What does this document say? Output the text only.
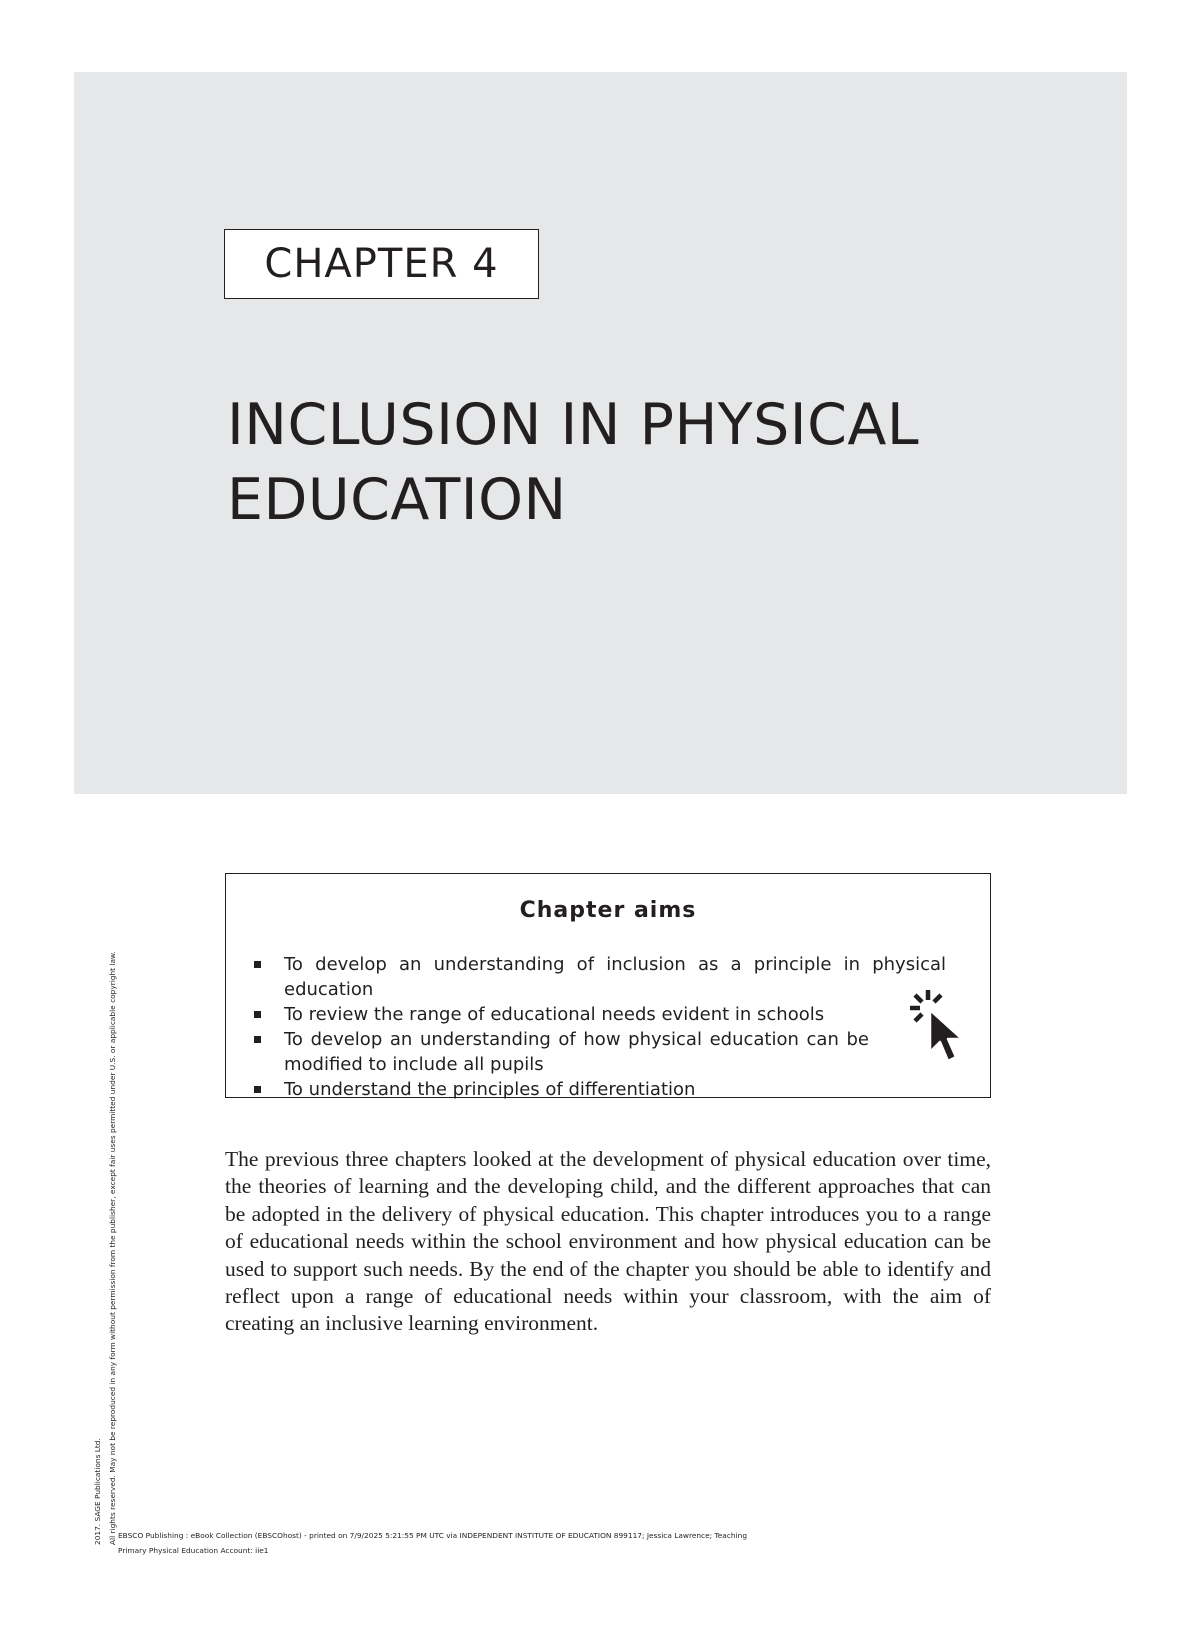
CHAPTER 4
INCLUSION IN PHYSICAL
EDUCATION
Chapter aims
To develop an understanding of inclusion as a principle in physical education
To review the range of educational needs evident in schools
To develop an understanding of how physical education can be modified to include all pupils
To understand the principles of differentiation

The previous three chapters looked at the development of physical education over time, the theories of learning and the developing child, and the different approaches that can be adopted in the delivery of physical education. This chapter introduces you to a range of educational needs within the school environment and how physical education can be used to support such needs. By the end of the chapter you should be able to identify and reflect upon a range of educational needs within your classroom, with the aim of creating an inclusive learning environment.

2017. SAGE Publications Ltd. All rights reserved. May not be reproduced in any form without permission from the publisher, except fair uses permitted under U.S. or applicable copyright law. EBSCO Publishing : eBook Collection (EBSCOhost) - printed on 7/9/2025 5:21:55 PM UTC via INDEPENDENT INSTITUTE OF EDUCATION 899117; Jessica Lawrence; Teaching
Primary Physical Education Account: iie1
